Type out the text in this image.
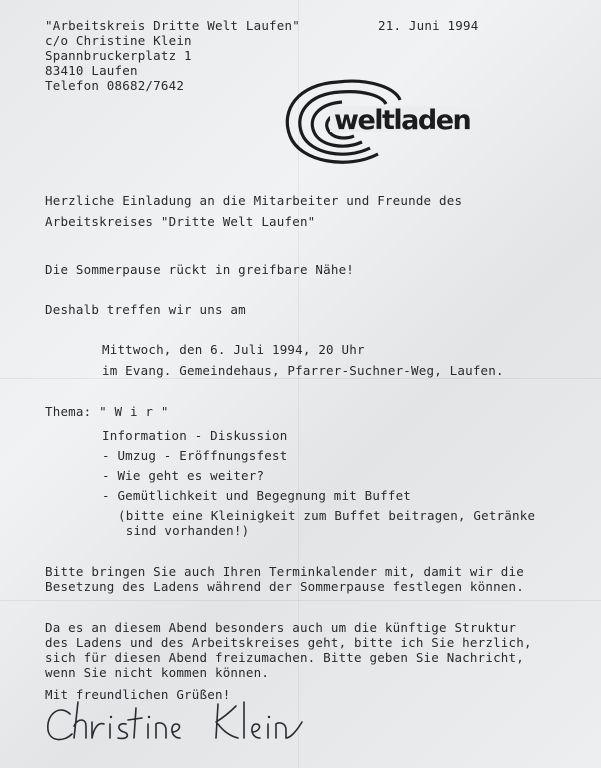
"Arbeitskreis Dritte Welt Laufen"
c/o Christine Klein
Spannbruckerplatz 1
83410 Laufen
Telefon 08682/7642
21. Juni 1994
weltladen
Herzliche Einladung an die Mitarbeiter und Freunde des
Arbeitskreises "Dritte Welt Laufen"
Die Sommerpause rückt in greifbare Nähe!
Deshalb treffen wir uns am
Mittwoch, den 6. Juli 1994, 20 Uhr
im Evang. Gemeindehaus, Pfarrer-Suchner-Weg, Laufen.
Thema: " W i r "
Information - Diskussion
- Umzug - Eröffnungsfest
- Wie geht es weiter?
- Gemütlichkeit und Begegnung mit Buffet
(bitte eine Kleinigkeit zum Buffet beitragen, Getränke
sind vorhanden!)
Bitte bringen Sie auch Ihren Terminkalender mit, damit wir die
Besetzung des Ladens während der Sommerpause festlegen können.
Da es an diesem Abend besonders auch um die künftige Struktur
des Ladens und des Arbeitskreises geht, bitte ich Sie herzlich,
sich für diesen Abend freizumachen. Bitte geben Sie Nachricht,
wenn Sie nicht kommen können.
Mit freundlichen Grüßen!
